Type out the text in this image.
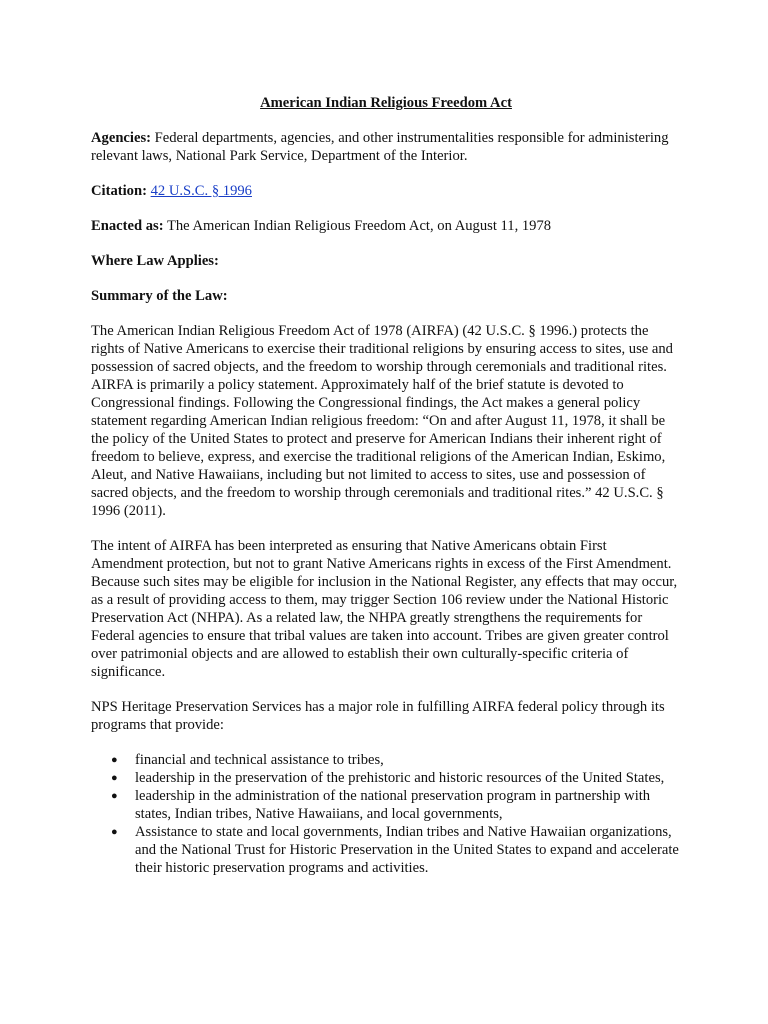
American Indian Religious Freedom Act

Agencies: Federal departments, agencies, and other instrumentalities responsible for administering relevant laws, National Park Service, Department of the Interior.

Citation: 42 U.S.C. § 1996

Enacted as: The American Indian Religious Freedom Act, on August 11, 1978

Where Law Applies:

Summary of the Law:

The American Indian Religious Freedom Act of 1978 (AIRFA) (42 U.S.C. § 1996.) protects the rights of Native Americans to exercise their traditional religions by ensuring access to sites, use and possession of sacred objects, and the freedom to worship through ceremonials and traditional rites. AIRFA is primarily a policy statement. Approximately half of the brief statute is devoted to Congressional findings. Following the Congressional findings, the Act makes a general policy statement regarding American Indian religious freedom: “On and after August 11, 1978, it shall be the policy of the United States to protect and preserve for American Indians their inherent right of freedom to believe, express, and exercise the traditional religions of the American Indian, Eskimo, Aleut, and Native Hawaiians, including but not limited to access to sites, use and possession of sacred objects, and the freedom to worship through ceremonials and traditional rites.” 42 U.S.C. § 1996 (2011).

The intent of AIRFA has been interpreted as ensuring that Native Americans obtain First Amendment protection, but not to grant Native Americans rights in excess of the First Amendment. Because such sites may be eligible for inclusion in the National Register, any effects that may occur, as a result of providing access to them, may trigger Section 106 review under the National Historic Preservation Act (NHPA). As a related law, the NHPA greatly strengthens the requirements for Federal agencies to ensure that tribal values are taken into account. Tribes are given greater control over patrimonial objects and are allowed to establish their own culturally-specific criteria of significance.

NPS Heritage Preservation Services has a major role in fulfilling AIRFA federal policy through its programs that provide:

● financial and technical assistance to tribes,
● leadership in the preservation of the prehistoric and historic resources of the United States,
● leadership in the administration of the national preservation program in partnership with states, Indian tribes, Native Hawaiians, and local governments,
● Assistance to state and local governments, Indian tribes and Native Hawaiian organizations, and the National Trust for Historic Preservation in the United States to expand and accelerate their historic preservation programs and activities.
